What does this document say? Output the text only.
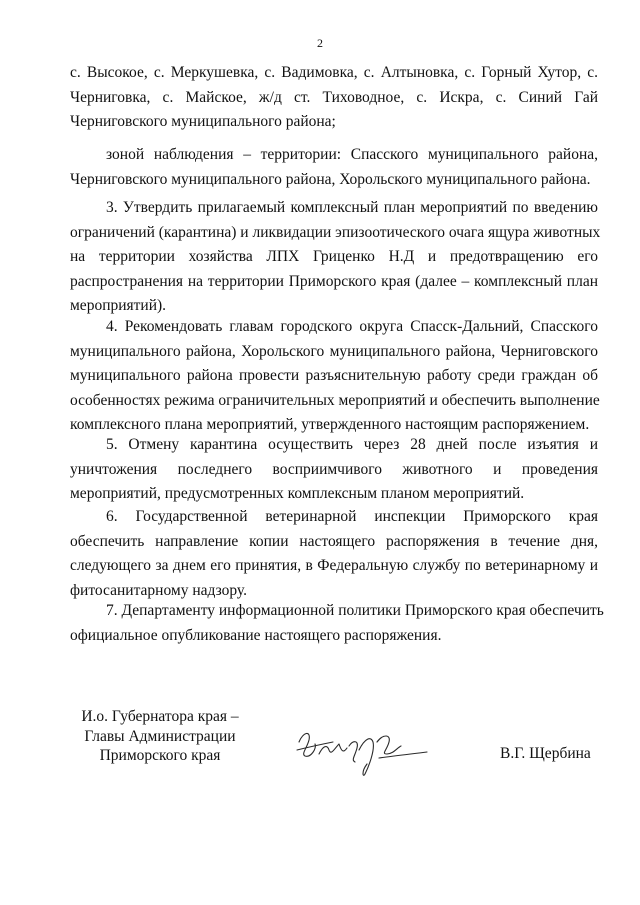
2
с. Высокое, с. Меркушевка, с. Вадимовка, с. Алтыновка, с. Горный Хутор, с.
Черниговка, с. Майское, ж/д ст. Тиховодное, с. Искра, с. Синий Гай
Черниговского муниципального района;
зоной наблюдения – территории: Спасского муниципального района,
Черниговского муниципального района, Хорольского муниципального района.
3. Утвердить прилагаемый комплексный план мероприятий по введению
ограничений (карантина) и ликвидации эпизоотического очага ящура животных
на территории хозяйства ЛПХ Гриценко Н.Д и предотвращению его
распространения на территории Приморского края (далее – комплексный план
мероприятий).
4. Рекомендовать главам городского округа Спасск-Дальний, Спасского
муниципального района, Хорольского муниципального района, Черниговского
муниципального района провести разъяснительную работу среди граждан об
особенностях режима ограничительных мероприятий и обеспечить выполнение
комплексного плана мероприятий, утвержденного настоящим распоряжением.
5. Отмену карантина осуществить через 28 дней после изъятия и
уничтожения последнего восприимчивого животного и проведения
мероприятий, предусмотренных комплексным планом мероприятий.
6. Государственной ветеринарной инспекции Приморского края
обеспечить направление копии настоящего распоряжения в течение дня,
следующего за днем его принятия, в Федеральную службу по ветеринарному и
фитосанитарному надзору.
7. Департаменту информационной политики Приморского края обеспечить
официальное опубликование настоящего распоряжения.
И.о. Губернатора края –
Главы Администрации
Приморского края	В.Г. Щербина
